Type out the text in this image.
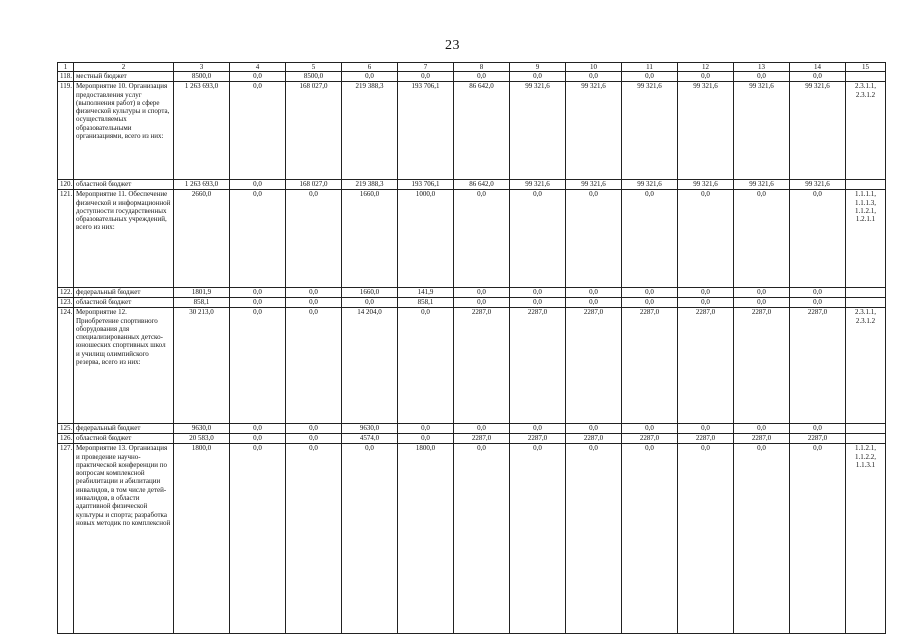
23
1	2	3	4	5	6	7	8	9	10	11	12	13	14	15
118.	местный бюджет	8500,0	0,0	8500,0	0,0	0,0	0,0	0,0	0,0	0,0	0,0	0,0	0,0	
119.	Мероприятие 10. Организация предоставления услуг (выполнения работ) в сфере физической культуры и спорта, осуществляемых образовательными организациями, всего из них:	1 263 693,0	0,0	168 027,0	219 388,3	193 706,1	86 642,0	99 321,6	99 321,6	99 321,6	99 321,6	99 321,6	99 321,6	2.3.1.1, 2.3.1.2
120.	областной бюджет	1 263 693,0	0,0	168 027,0	219 388,3	193 706,1	86 642,0	99 321,6	99 321,6	99 321,6	99 321,6	99 321,6	99 321,6	
121.	Мероприятие 11. Обеспечение физической и информационной доступности государственных образовательных учреждений, всего из них:	2660,0	0,0	0,0	1660,0	1000,0	0,0	0,0	0,0	0,0	0,0	0,0	0,0	1.1.1.1, 1.1.1.3, 1.1.2.1, 1.2.1.1
122.	федеральный бюджет	1801,9	0,0	0,0	1660,0	141,9	0,0	0,0	0,0	0,0	0,0	0,0	0,0	
123.	областной бюджет	858,1	0,0	0,0	0,0	858,1	0,0	0,0	0,0	0,0	0,0	0,0	0,0	
124.	Мероприятие 12. Приобретение спортивного оборудования для специализированных детско-юношеских спортивных школ и училищ олимпийского резерва, всего из них:	30 213,0	0,0	0,0	14 204,0	0,0	2287,0	2287,0	2287,0	2287,0	2287,0	2287,0	2287,0	2.3.1.1, 2.3.1.2
125.	федеральный бюджет	9630,0	0,0	0,0	9630,0	0,0	0,0	0,0	0,0	0,0	0,0	0,0	0,0	
126.	областной бюджет	20 583,0	0,0	0,0	4574,0	0,0	2287,0	2287,0	2287,0	2287,0	2287,0	2287,0	2287,0	
127.	Мероприятие 13. Организация и проведение научно-практической конференции по вопросам комплексной реабилитации и абилитации инвалидов, в том числе детей-инвалидов, в области адаптивной физической культуры и спорта; разработка новых методик по комплексной	1800,0	0,0	0,0	0,0	1800,0	0,0	0,0	0,0	0,0	0,0	0,0	0,0	1.1.2.1, 1.1.2.2, 1.1.3.1
